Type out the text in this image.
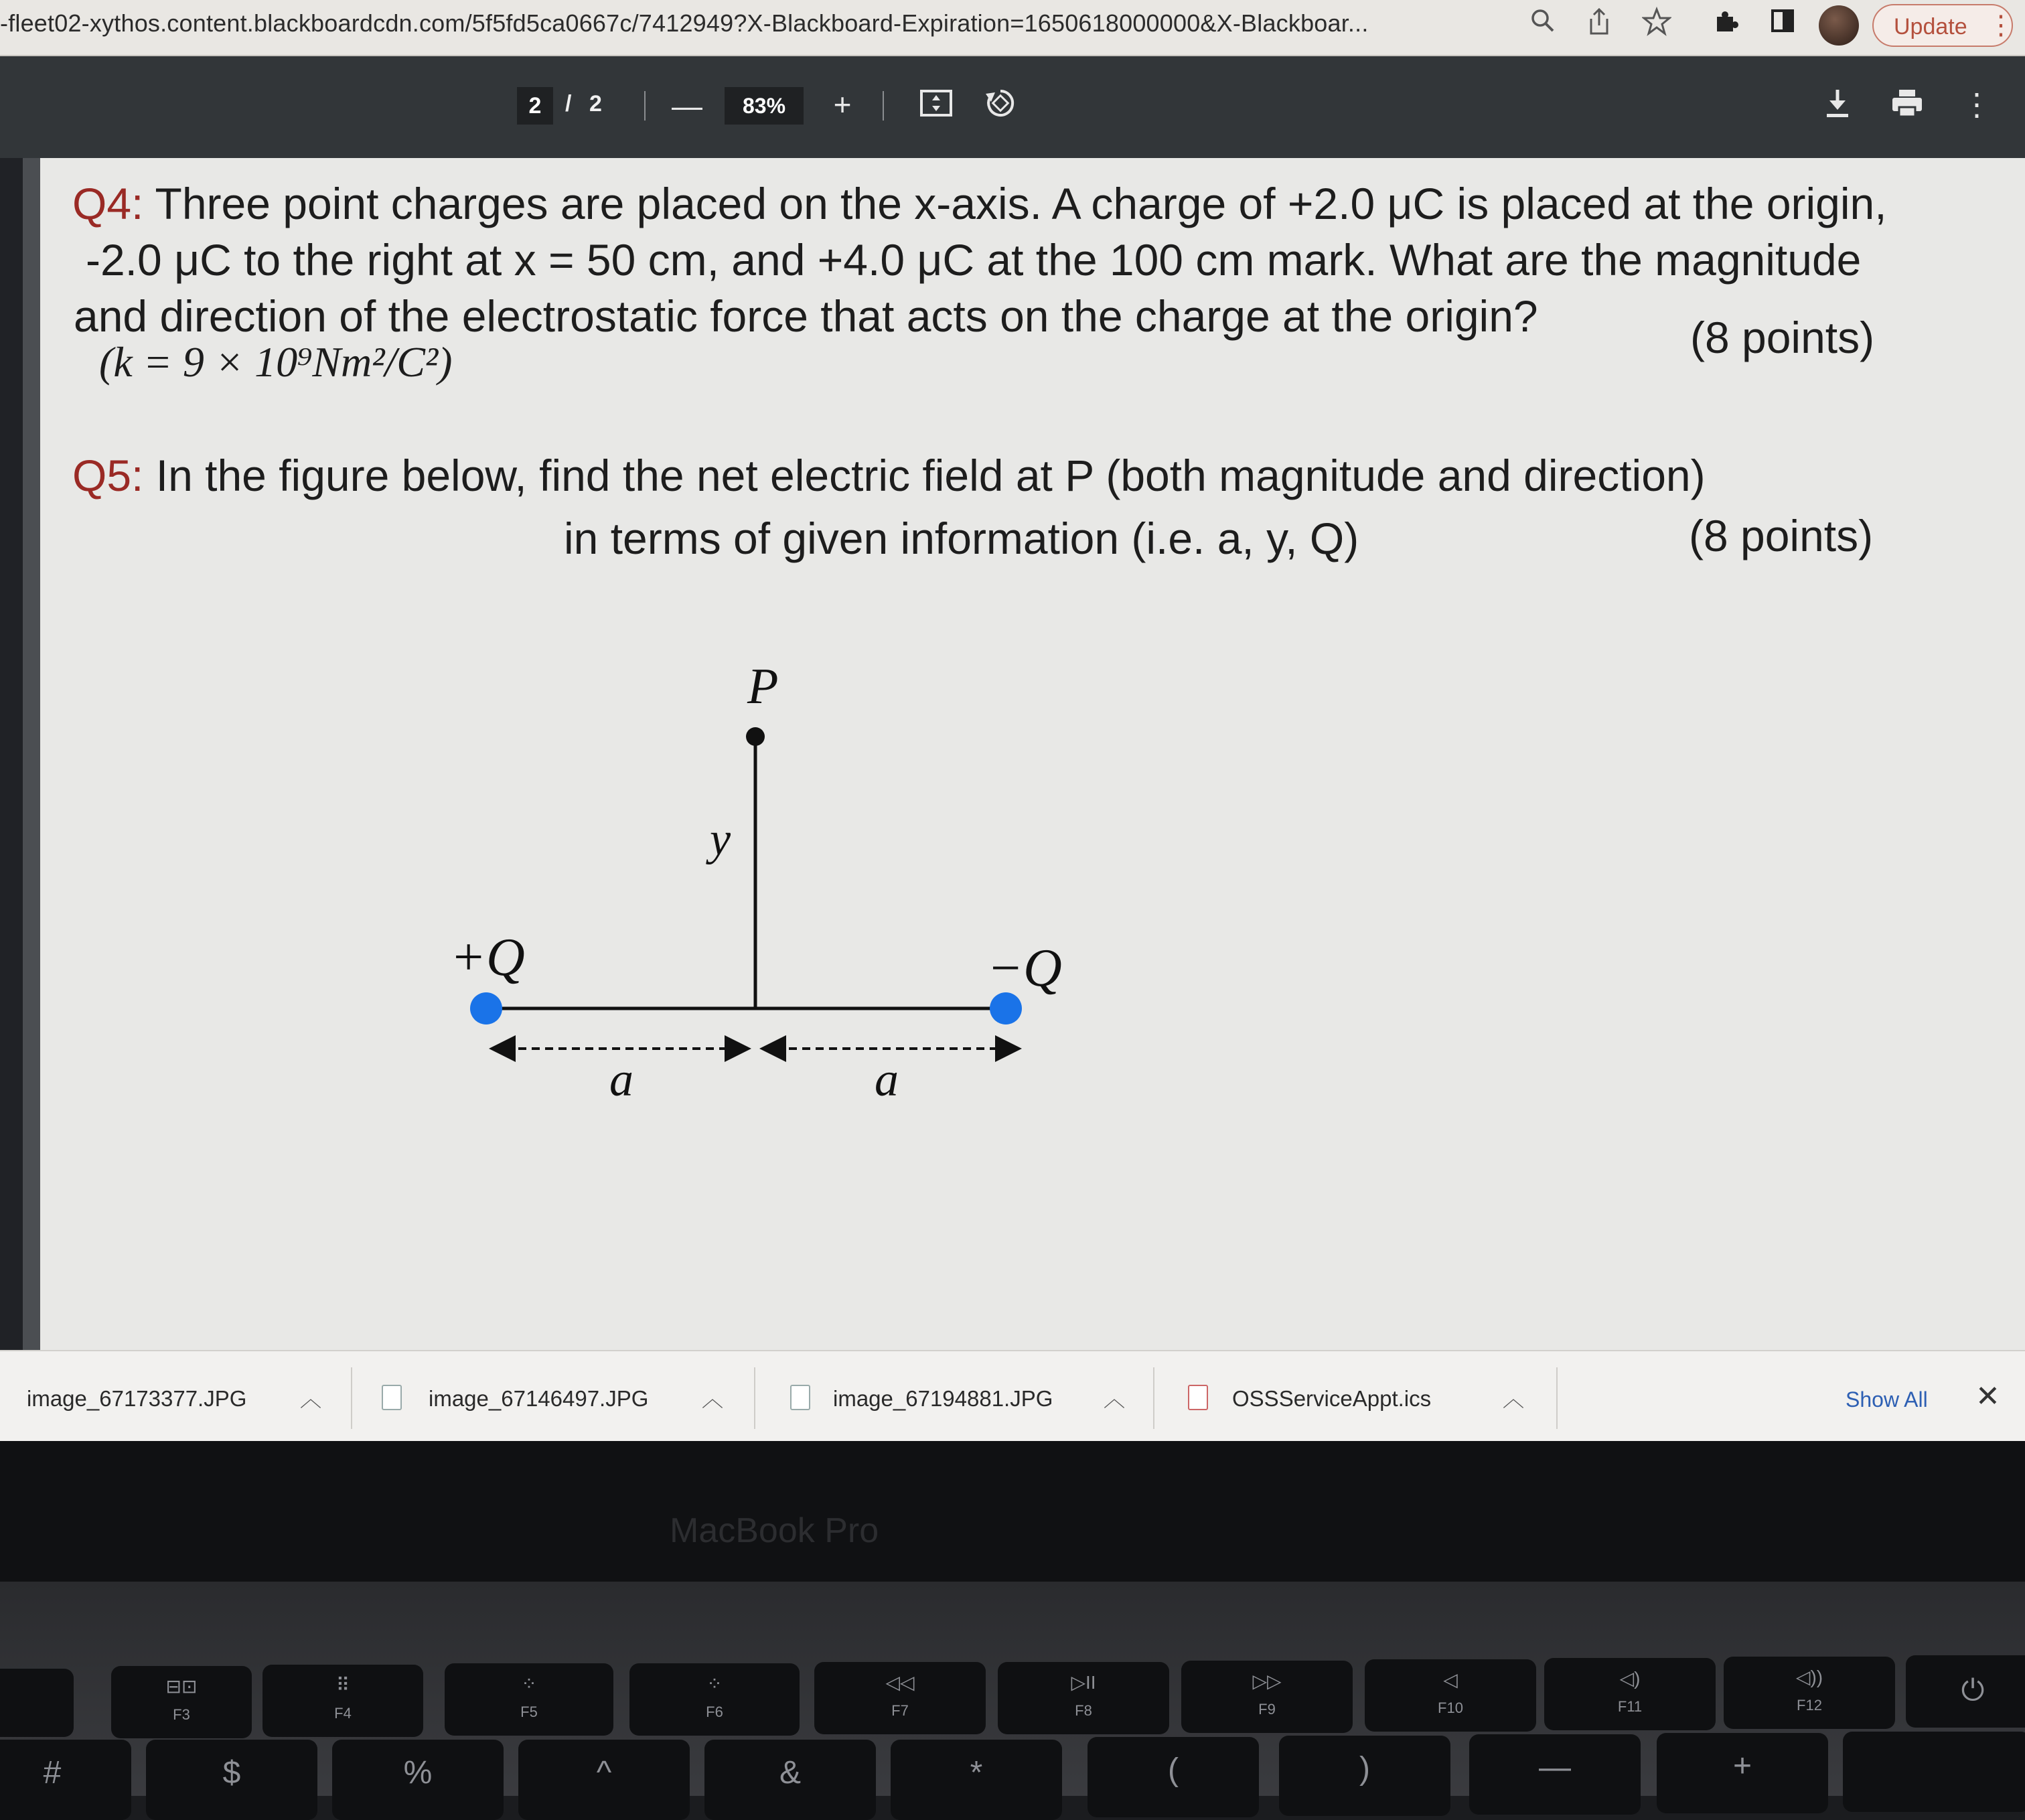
-fleet02-xythos.content.blackboardcdn.com/5f5fd5ca0667c/7412949?X-Blackboard-Expiration=1650618000000&X-Blackboar...	Update ⋮
2	/ 2 —	83%	+	⋮
Q4: Three point charges are placed on the x-axis. A charge of +2.0 μC is placed at the origin,
-2.0 μC to the right at x = 50 cm, and +4.0 μC at the 100 cm mark. What are the magnitude
and direction of the electrostatic force that acts on the charge at the origin?
(k = 9 × 10⁹Nm²/C²)	(8 points)
Q5: In the figure below, find the net electric field at P (both magnitude and direction)
in terms of given information (i.e. a, y, Q)	(8 points)
P
y
+Q	−Q
a	a
image_67173377.JPG ︿	image_67146497.JPG ︿	image_67194881.JPG ︿	OSSServiceAppt.ics	︿	Show All ✕
MacBook Pro
⊟⊡
F3
⠿
F4
⁘
F5
⁘
F6
◁◁
F7
▷II
F8
▷▷
F9
◁
F10
◁)
F11
◁))
F12	⏻
#	$	%	^	&	*	(	)	—	+
